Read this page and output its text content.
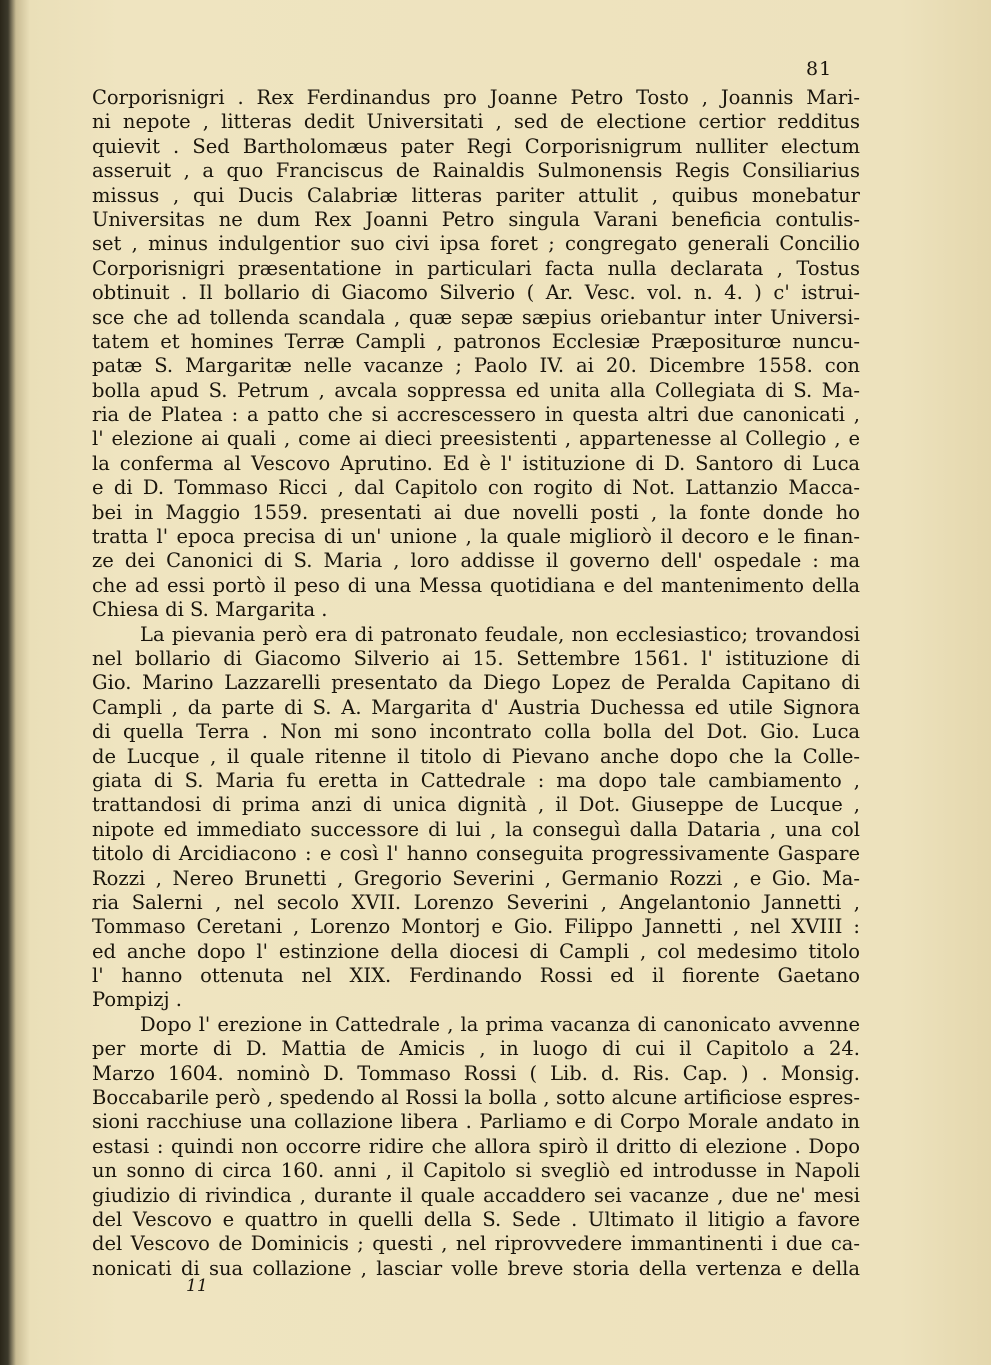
81
Corporisnigri . Rex Ferdinandus pro Joanne Petro Tosto , Joannis Mari-
ni nepote , litteras dedit Universitati , sed de electione certior redditus
quievit . Sed Bartholomæus pater Regi Corporisnigrum nulliter electum
asseruit , a quo Franciscus de Rainaldis Sulmonensis Regis Consiliarius
missus , qui Ducis Calabriæ litteras pariter attulit , quibus monebatur
Universitas ne dum Rex Joanni Petro singula Varani beneficia contulis-
set , minus indulgentior suo civi ipsa foret ; congregato generali Concilio
Corporisnigri præsentatione in particulari facta nulla declarata , Tostus
obtinuit . Il bollario di Giacomo Silverio ( Ar. Vesc. vol. n. 4. ) c' istrui-
sce che ad tollenda scandala , quæ sepæ sæpius oriebantur inter Universi-
tatem et homines Terræ Campli , patronos Ecclesiæ Præpositurœ nuncu-
patæ S. Margaritæ nelle vacanze ; Paolo IV. ai 20. Dicembre 1558. con
bolla apud S. Petrum , avcala soppressa ed unita alla Collegiata di S. Ma-
ria de Platea : a patto che si accrescessero in questa altri due canonicati ,
l' elezione ai quali , come ai dieci preesistenti , appartenesse al Collegio , e
la conferma al Vescovo Aprutino. Ed è l' istituzione di D. Santoro di Luca
e di D. Tommaso Ricci , dal Capitolo con rogito di Not. Lattanzio Macca-
bei in Maggio 1559. presentati ai due novelli posti , la fonte donde ho
tratta l' epoca precisa di un' unione , la quale migliorò il decoro e le finan-
ze dei Canonici di S. Maria , loro addisse il governo dell' ospedale : ma
che ad essi portò il peso di una Messa quotidiana e del mantenimento della
Chiesa di S. Margarita .
La pievania però era di patronato feudale, non ecclesiastico; trovandosi
nel bollario di Giacomo Silverio ai 15. Settembre 1561. l' istituzione di
Gio. Marino Lazzarelli presentato da Diego Lopez de Peralda Capitano di
Campli , da parte di S. A. Margarita d' Austria Duchessa ed utile Signora
di quella Terra . Non mi sono incontrato colla bolla del Dot. Gio. Luca
de Lucque , il quale ritenne il titolo di Pievano anche dopo che la Colle-
giata di S. Maria fu eretta in Cattedrale : ma dopo tale cambiamento ,
trattandosi di prima anzi di unica dignità , il Dot. Giuseppe de Lucque ,
nipote ed immediato successore di lui , la conseguì dalla Dataria , una col
titolo di Arcidiacono : e così l' hanno conseguita progressivamente Gaspare
Rozzi , Nereo Brunetti , Gregorio Severini , Germanio Rozzi , e Gio. Ma-
ria Salerni , nel secolo XVII. Lorenzo Severini , Angelantonio Jannetti ,
Tommaso Ceretani , Lorenzo Montorj e Gio. Filippo Jannetti , nel XVIII :
ed anche dopo l' estinzione della diocesi di Campli , col medesimo titolo
l' hanno ottenuta nel XIX. Ferdinando Rossi ed il fiorente Gaetano
Pompizj .
Dopo l' erezione in Cattedrale , la prima vacanza di canonicato avvenne
per morte di D. Mattia de Amicis , in luogo di cui il Capitolo a 24.
Marzo 1604. nominò D. Tommaso Rossi ( Lib. d. Ris. Cap. ) . Monsig.
Boccabarile però , spedendo al Rossi la bolla , sotto alcune artificiose espres-
sioni racchiuse una collazione libera . Parliamo e di Corpo Morale andato in
estasi : quindi non occorre ridire che allora spirò il dritto di elezione . Dopo
un sonno di circa 160. anni , il Capitolo si svegliò ed introdusse in Napoli
giudizio di rivindica , durante il quale accaddero sei vacanze , due ne' mesi
del Vescovo e quattro in quelli della S. Sede . Ultimato il litigio a favore
del Vescovo de Dominicis ; questi , nel riprovvedere immantinenti i due ca-
nonicati di sua collazione , lasciar volle breve storia della vertenza e della
11
